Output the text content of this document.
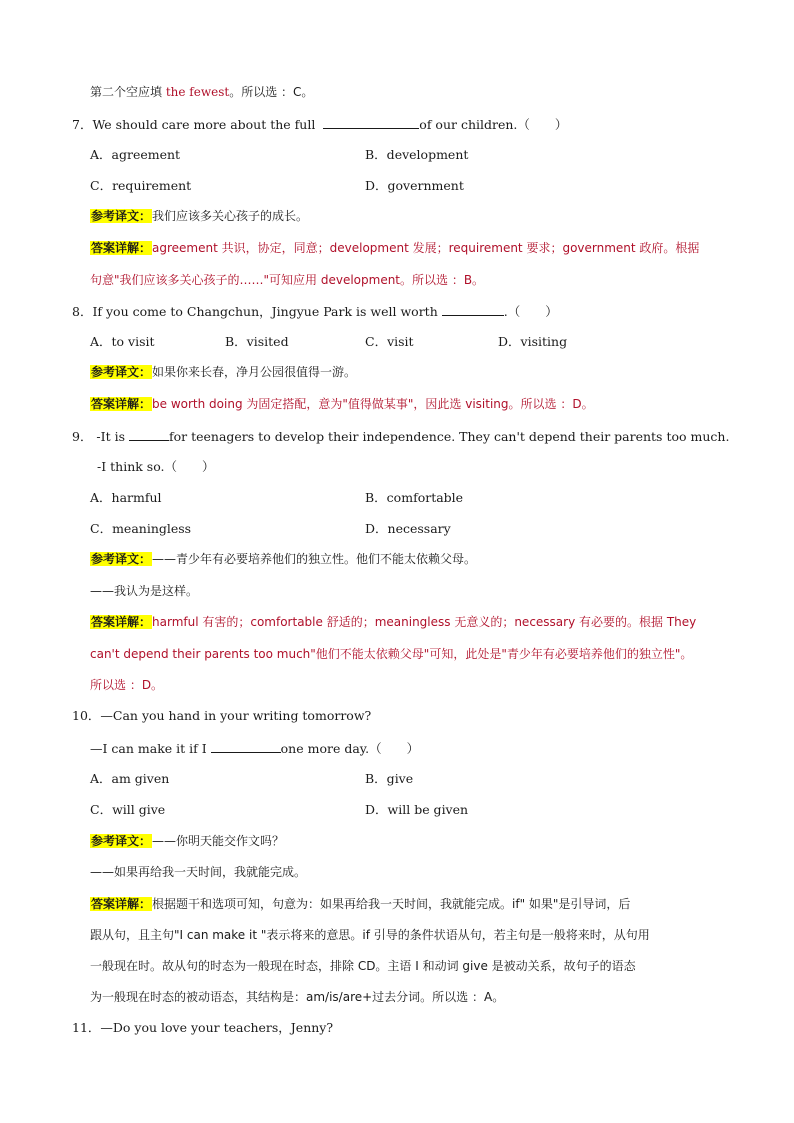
第二个空应填 the fewest。所以选 ：C。
7．We should care more about the full	of our children.（　　）
A．agreement	B．development
C．requirement	D．government
参考译文：我们应该多关心孩子的成长。
答案详解：agreement 共识，协定，同意；development 发展；requirement 要求；government 政府。根据
句意"我们应该多关心孩子的……"可知应用 development。所以选 ：B。
8．If you come to Changchun，Jingyue Park is well worth	.（　　）
A．to visit	B．visited	C．visit	D．visiting
参考译文：如果你来长春，净月公园很值得一游。
答案详解：be worth doing 为固定搭配，意为"值得做某事"，因此选 visiting。所以选 ：D。
9． -It is	for teenagers to develop their independence. They can't depend their parents too much.
-I think so.（　　）
A．harmful	B．comfortable
C．meaningless	D．necessary
参考译文：——青少年有必要培养他们的独立性。他们不能太依赖父母。
——我认为是这样。
答案详解：harmful 有害的；comfortable 舒适的；meaningless 无意义的；necessary 有必要的。根据 They
can't depend their parents too much"他们不能太依赖父母"可知，此处是"青少年有必要培养他们的独立性"。
所以选 ：D。
10．—Can you hand in your writing tomorrow?
—I can make it if I	one more day.（　　）
A．am given	B．give
C．will give	D．will be given
参考译文：——你明天能交作文吗？
——如果再给我一天时间，我就能完成。
答案详解：根据题干和选项可知，句意为：如果再给我一天时间，我就能完成。if" 如果"是引导词，后
跟从句，且主句"I can make it "表示将来的意思。if 引导的条件状语从句，若主句是一般将来时，从句用
一般现在时。故从句的时态为一般现在时态，排除 CD。主语 I 和动词 give 是被动关系，故句子的语态
为一般现在时态的被动语态，其结构是：am/is/are+过去分词。所以选 ：A。
11．—Do you love your teachers，Jenny?
